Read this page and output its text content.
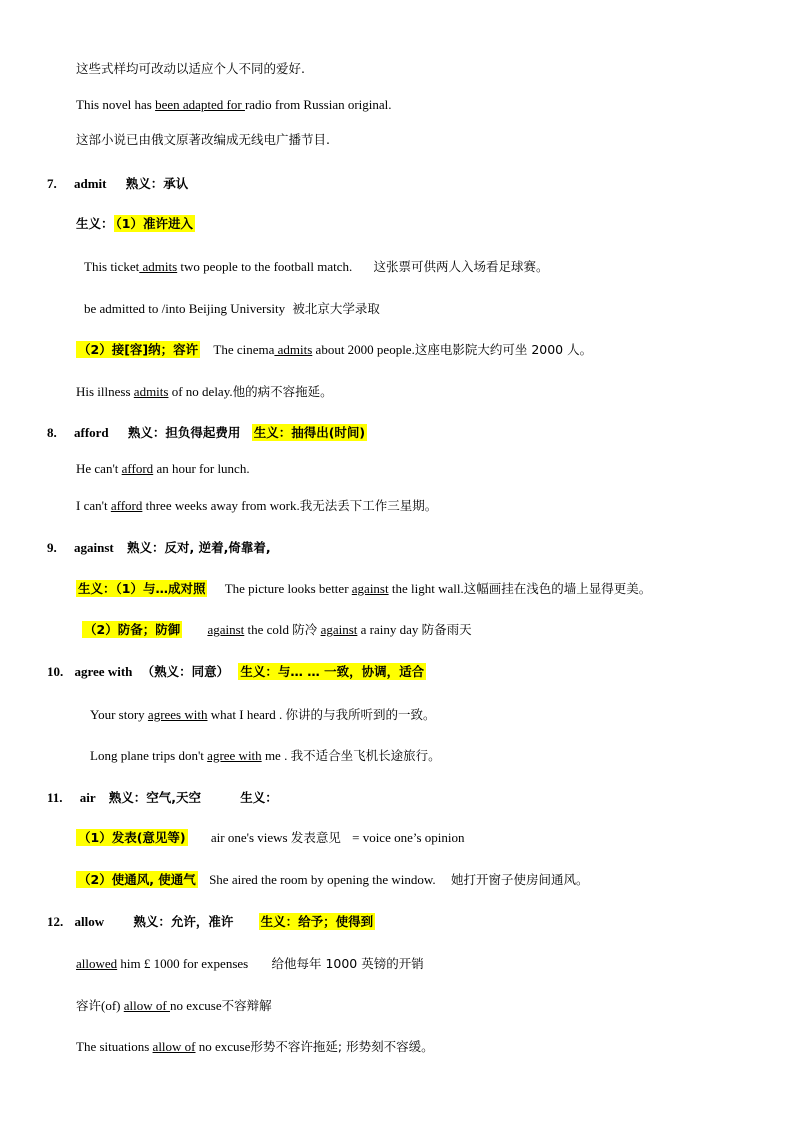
这些式样均可改动以适应个人不同的爱好.
This novel has been adapted for radio from Russian original.
这部小说已由俄文原著改编成无线电广播节目.
7. admit 熟义：承认
生义： （1）准许进入
This ticket admits two people to the football match. 这张票可供两人入场看足球赛。
be admitted to /into Beijing University 被北京大学录取
（2）接[容]纳；容许 The cinema admits about 2000 people.这座电影院大约可坐 2000 人。
His illness admits of no delay.他的病不容拖延。
8. afford 熟义：担负得起费用 生义：抽得出(时间)
He can't afford an hour for lunch.
I can't afford three weeks away from work.我无法丢下工作三星期。
9. against 熟义：反对, 逆着,倚靠着,
生义：（1）与…成对照 The picture looks better against the light wall.这幅画挂在浅色的墙上显得更美。
（2）防备；防御 against the cold 防冷 against a rainy day 防备雨天
10. agree with （熟义：同意） 生义：与… … 一致，协调，适合
Your story agrees with what I heard . 你讲的与我所听到的一致。
Long plane trips don't agree with me . 我不适合坐飞机长途旅行。
11. air 熟义：空气,天空	生义：
（1）发表(意见等) air one's views 发表意见 = voice one’s opinion
（2）使通风, 使通气 She aired the room by opening the window. 她打开窗子使房间通风。
12. allow 熟义：允许，准许 生义：给予；使得到
allowed him £ 1000 for expenses 给他每年 1000 英镑的开销
容许(of) allow of no excuse不容辩解
The situations allow of no excuse形势不容许拖延; 形势刻不容缓。
